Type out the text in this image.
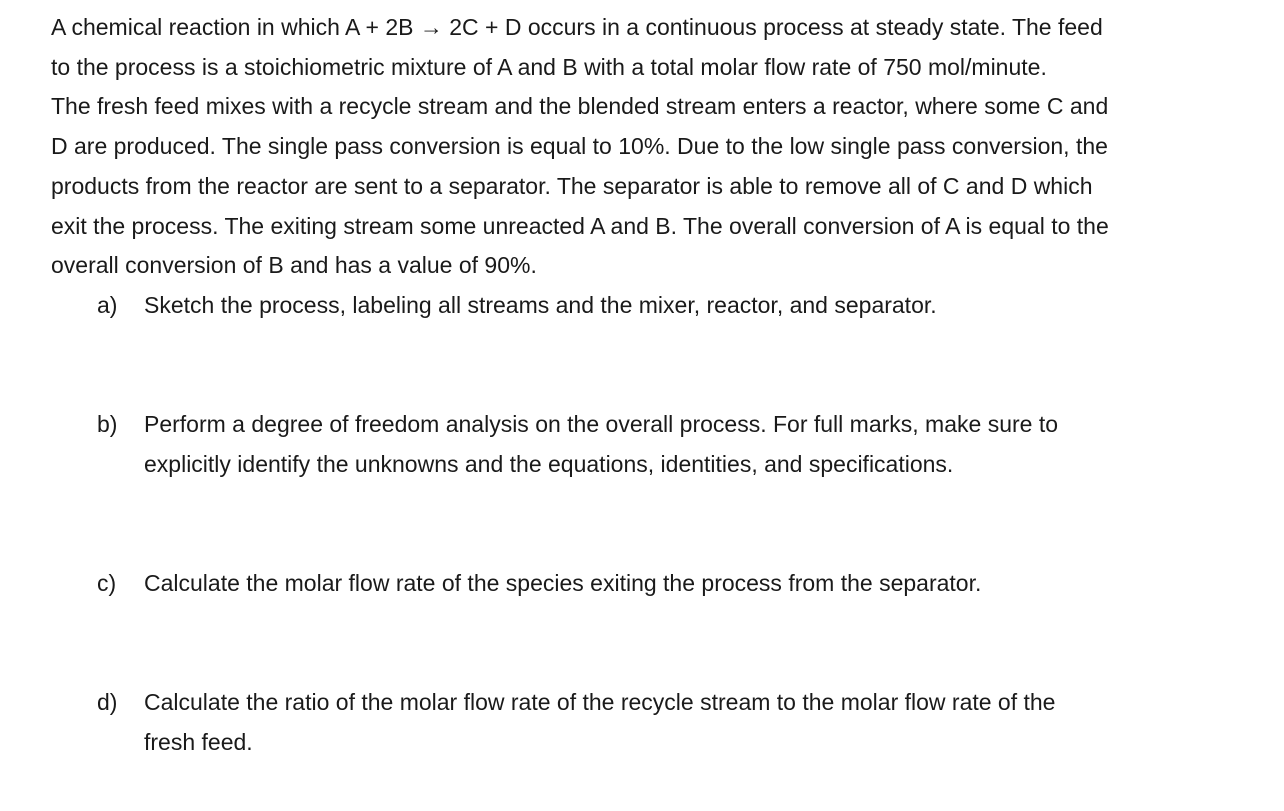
A chemical reaction in which A + 2B → 2C + D occurs in a continuous process at steady state. The feed
to the process is a stoichiometric mixture of A and B with a total molar flow rate of 750 mol/minute.
The fresh feed mixes with a recycle stream and the blended stream enters a reactor, where some C and
D are produced. The single pass conversion is equal to 10%. Due to the low single pass conversion, the
products from the reactor are sent to a separator. The separator is able to remove all of C and D which
exit the process. The exiting stream some unreacted A and B. The overall conversion of A is equal to the
overall conversion of B and has a value of 90%.
a) Sketch the process, labeling all streams and the mixer, reactor, and separator.
b) Perform a degree of freedom analysis on the overall process. For full marks, make sure to
explicitly identify the unknowns and the equations, identities, and specifications.
c) Calculate the molar flow rate of the species exiting the process from the separator.
d) Calculate the ratio of the molar flow rate of the recycle stream to the molar flow rate of the
fresh feed.
